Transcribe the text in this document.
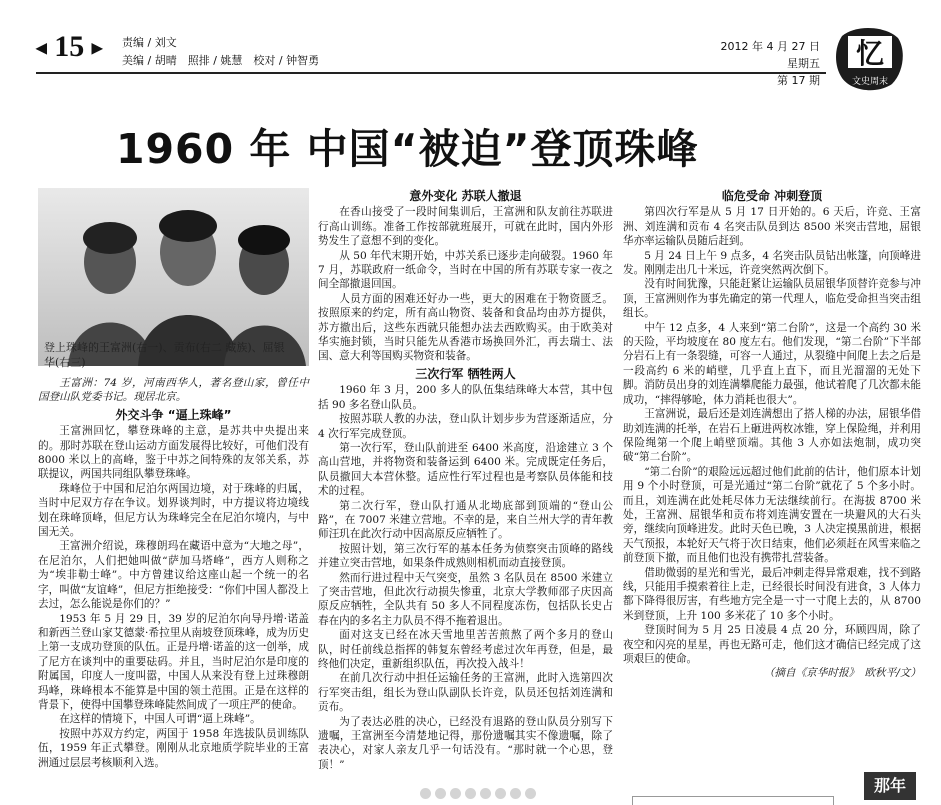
◀ 15 ▶ 责编 / 刘文
美编 / 胡晴　照排 / 姚慧　校对 / 钟智勇
2012 年 4 月 27 日　星期五
第 17 期
忆
文史周末
1960 年 中国“被迫”登顶珠峰
登上珠峰的王富洲(右一)、贡布(右二 藏族)、屈银华(右三)

王富洲：74 岁，河南西华人，著名登山家，曾任中国登山队党委书记。现居北京。

外交斗争 “逼上珠峰”

王富洲回忆，攀登珠峰的主意，是苏共中央提出来的。那时苏联在登山运动方面发展得比较好，可他们没有 8000 米以上的高峰，鉴于中苏之间特殊的友邻关系，苏联提议，两国共同组队攀登珠峰。

珠峰位于中国和尼泊尔两国边境，对于珠峰的归属，当时中尼双方存在争议。划界谈判时，中方提议将边境线划在珠峰顶峰，但尼方认为珠峰完全在尼泊尔境内，与中国无关。

王富洲介绍说，珠穆朗玛在藏语中意为“大地之母”，在尼泊尔，人们把她叫做“萨加马塔峰”，西方人则称之为“埃非勒士峰”。中方曾建议给这座山起一个统一的名字，叫做“友谊峰”，但尼方拒绝接受：“你们中国人都没上去过，怎么能说是你们的？”

1953 年 5 月 29 日，39 岁的尼泊尔向导丹增·诺盖和新西兰登山家艾德蒙·希拉里从南坡登顶珠峰，成为历史上第一支成功登顶的队伍。正是丹增·诺盖的这一创举，成了尼方在谈判中的重要砝码。并且，当时尼泊尔是印度的附属国，印度人一度叫嚣，中国人从来没有登上过珠穆朗玛峰，珠峰根本不能算是中国的领土范围。正是在这样的背景下，使得中国攀登珠峰陡然间成了一项庄严的使命。

在这样的情境下，中国人可谓“逼上珠峰”。

按照中苏双方约定，两国于 1958 年选拔队员训练队伍，1959 年正式攀登。刚刚从北京地质学院毕业的王富洲通过层层考核顺利入选。

意外变化 苏联人撤退

在香山接受了一段时间集训后，王富洲和队友前往苏联进行高山训练。准备工作按部就班展开，可就在此时，国内外形势发生了意想不到的变化。

从 50 年代末期开始，中苏关系已逐步走向破裂。1960 年 7 月，苏联政府一纸命令，当时在中国的所有苏联专家一夜之间全部撤退回国。

人员方面的困难还好办一些，更大的困难在于物资匮乏。按照原来的约定，所有高山物资、装备和食品均由苏方提供，苏方撤出后，这些东西就只能想办法去西欧购买。由于欧美对华实施封锁，当时只能先从香港市场换回外汇，再去瑞士、法国、意大利等国购买物资和装备。

三次行军 牺牲两人

1960 年 3 月，200 多人的队伍集结珠峰大本营，其中包括 90 多名登山队员。

按照苏联人教的办法，登山队计划步步为营逐渐适应，分 4 次行军完成登顶。

第一次行军，登山队前进至 6400 米高度，沿途建立 3 个高山营地，并将物资和装备运到 6400 米。完成既定任务后，队员撤回大本营休整。适应性行军过程也是考察队员体能和技术的过程。

第二次行军，登山队打通从北坳底部到顶端的“登山公路”，在 7007 米建立营地。不幸的是，来自兰州大学的青年教师汪玑在此次行动中因高原反应牺牲了。

按照计划，第三次行军的基本任务为侦察突击顶峰的路线并建立突击营地，如果条件成熟则相机而动直接登顶。

然而行进过程中天气突变，虽然 3 名队员在 8500 米建立了突击营地，但此次行动损失惨重，北京大学教师邵子庆因高原反应牺牲，全队共有 50 多人不同程度冻伤，包括队长史占春在内的多名主力队员不得不拖着退出。

面对这支已经在冰天雪地里苦苦煎熬了两个多月的登山队，时任前线总指挥的韩复东曾经考虑过次年再登，但是，最终他们决定，重新组织队伍，再次投入战斗！

在前几次行动中担任运输任务的王富洲，此时入选第四次行军突击组，组长为登山队副队长许竞，队员还包括刘连满和贡布。

为了表达必胜的决心，已经没有退路的登山队员分别写下遗嘱，王富洲至今清楚地记得，那份遗嘱其实不像遗嘱，除了表决心，对家人亲友几乎一句话没有。“那时就一个心思，登顶！”

临危受命 冲刺登顶

第四次行军是从 5 月 17 日开始的。6 天后，许竞、王富洲、刘连满和贡布 4 名突击队员到达 8500 米突击营地，屈银华亦率运输队员随后赶到。

5 月 24 日上午 9 点多，4 名突击队员钻出帐篷，向顶峰进发。刚刚走出几十米远，许竞突然两次倒下。

没有时间犹豫，只能赶紧让运输队员屈银华顶替许竞参与冲顶，王富洲则作为事先确定的第一代理人，临危受命担当突击组组长。

中午 12 点多，4 人来到“第二台阶”，这是一个高约 30 米的天险，平均坡度在 80 度左右。他们发现，“第二台阶”下半部分岩石上有一条裂缝，可容一人通过，从裂缝中间爬上去之后是一段高约 6 米的峭壁，几乎直上直下，而且光溜溜的无处下脚。消防员出身的刘连满攀爬能力最强，他试着爬了几次都未能成功，“摔得够呛，体力消耗也很大”。

王富洲说，最后还是刘连满想出了搭人梯的办法，屈银华借助刘连满的托举，在岩石上砸进两枚冰锥，穿上保险绳，并利用保险绳第一个爬上峭壁顶端。其他 3 人亦如法炮制，成功突破“第二台阶”。

“第二台阶”的艰险远远超过他们此前的估计，他们原本计划用 9 个小时登顶，可是光通过“第二台阶”就花了 5 个多小时。而且，刘连满在此处耗尽体力无法继续前行。在海拔 8700 米处，王富洲、屈银华和贡布将刘连满安置在一块避风的大石头旁，继续向顶峰进发。此时天色已晚，3 人决定摸黑前进，根据天气预报，本轮好天气将于次日结束，他们必须赶在风雪来临之前登顶下撤，而且他们也没有携带扎营装备。

借助微弱的星光和雪光，最后冲刺走得异常艰难，找不到路线，只能用手摸索着往上走，已经很长时间没有进食，3 人体力都下降得很厉害，有些地方完全是一寸一寸爬上去的，从 8700 米到登顶，上升 100 多米花了 10 多个小时。

登顶时间为 5 月 25 日凌晨 4 点 20 分，环顾四周，除了夜空和闪亮的星星，再也无路可走，他们这才确信已经完成了这项艰巨的使命。

（摘自《京华时报》　欧秋平/文）

那年
